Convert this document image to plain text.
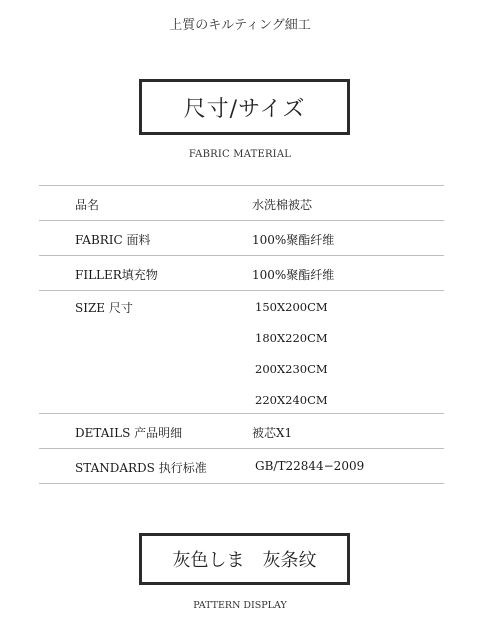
上質のキルティング細工
尺寸/サイズ
FABRIC MATERIAL
品名	水洗棉被芯
FABRIC 面料	100%聚酯纤维
FILLER填充物	100%聚酯纤维
SIZE 尺寸	150X200CM
180X220CM
200X230CM
220X240CM
DETAILS 产品明细	被芯X1
STANDARDS 执行标准	GB/T22844−2009
灰色しま　灰条纹
PATTERN DISPLAY
